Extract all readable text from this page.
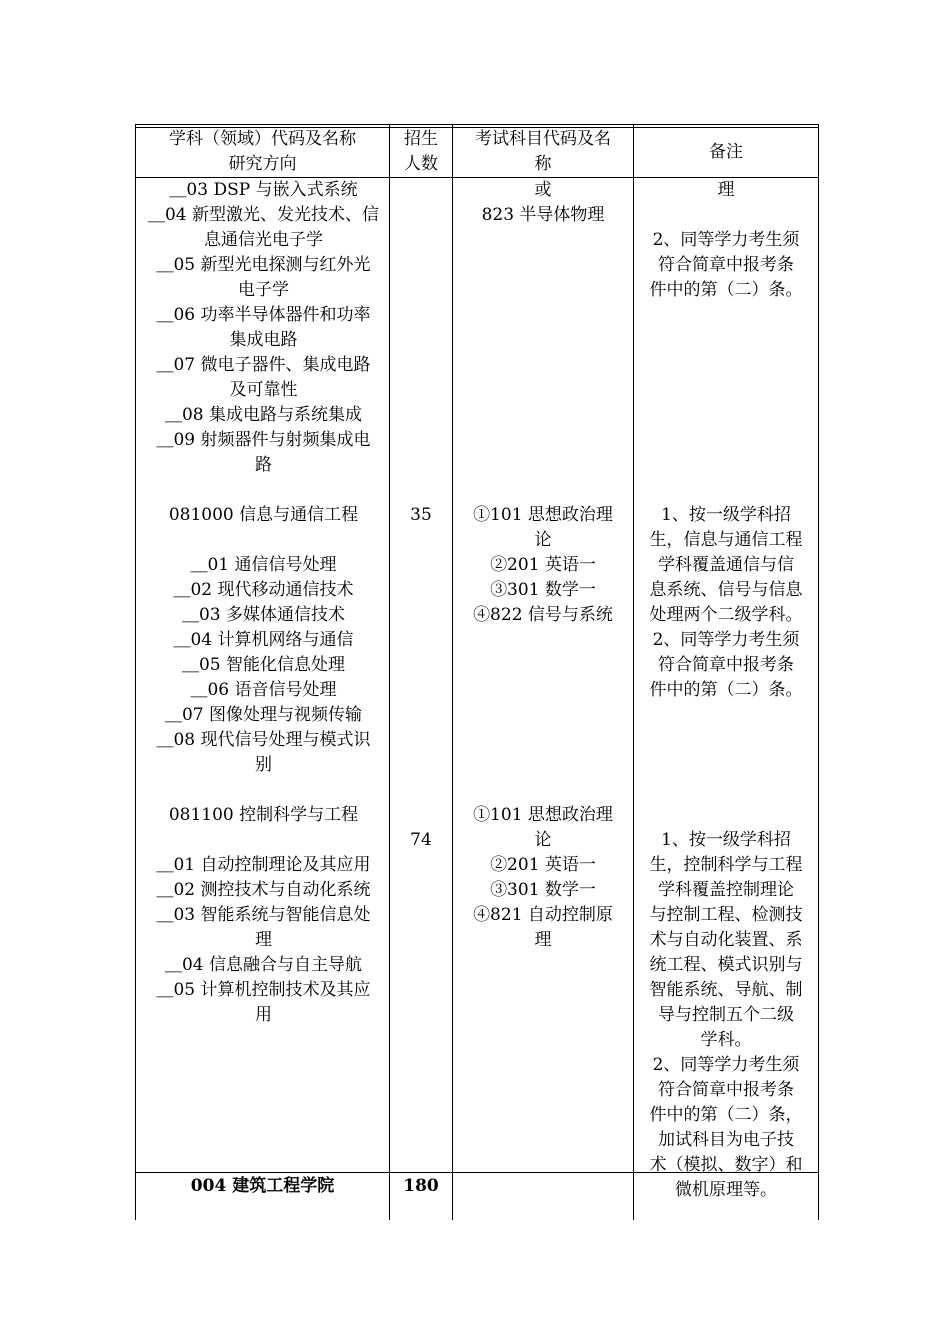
学科（领域）代码及名称
研究方向
招生
人数
考试科目代码及名
称
备注
＿03 DSP 与嵌入式系统
＿04 新型激光、发光技术、信
息通信光电子学
＿05 新型光电探测与红外光
电子学
＿06 功率半导体器件和功率
集成电路
＿07 微电子器件、集成电路
及可靠性
＿08 集成电路与系统集成
＿09 射频器件与射频集成电
路

081000 信息与通信工程

＿01 通信信号处理
＿02 现代移动通信技术
＿03 多媒体通信技术
＿04 计算机网络与通信
＿05 智能化信息处理
＿06 语音信号处理
＿07 图像处理与视频传输
＿08 现代信号处理与模式识
别

081100 控制科学与工程

＿01 自动控制理论及其应用
＿02 测控技术与自动化系统
＿03 智能系统与智能信息处
理
＿04 信息融合与自主导航
＿05 计算机控制技术及其应
用

35

74
或
823 半导体物理

①101 思想政治理
论
②201 英语一
③301 数学一
④822 信号与系统

①101 思想政治理
论
②201 英语一
③301 数学一
④821 自动控制原
理
理

2、同等学力考生须
符合简章中报考条
件中的第（二）条。

1、按一级学科招
生，信息与通信工程
学科覆盖通信与信
息系统、信号与信息
处理两个二级学科。
2、同等学力考生须
符合简章中报考条
件中的第（二）条。

1、按一级学科招
生，控制科学与工程
学科覆盖控制理论
与控制工程、检测技
术与自动化装置、系
统工程、模式识别与
智能系统、导航、制
导与控制五个二级
学科。
2、同等学力考生须
符合简章中报考条
件中的第（二）条，
加试科目为电子技
术（模拟、数字）和
微机原理等。
004 建筑工程学院	180
